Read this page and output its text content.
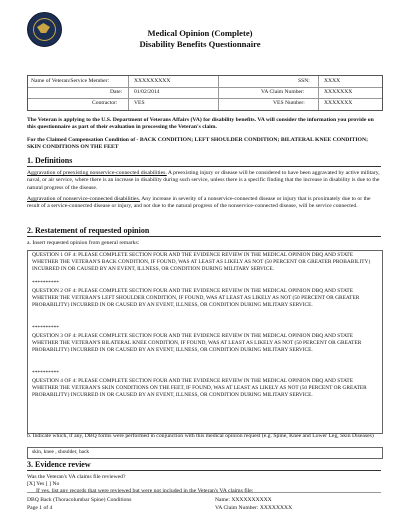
Medical Opinion (Complete)
Disability Benefits Questionnaire
Name of Veteran/Service Member:	XXXXXXXXX	SSN:	XXXX
Date: 01/02/2014	VA Claim Number:	XXXXXXX
Contractor:	VES	VES Number:	XXXXXXX
The Veteran is applying to the U.S. Department of Veterans Affairs (VA) for disability benefits. VA will consider the information you provide on this questionnaire as part of their evaluation in processing the Veteran's claim.
For the Claimed Compensation Condition of - BACK CONDITION; LEFT SHOULDER CONDITION; BILATERAL KNEE CONDITION; SKIN CONDITIONS ON THE FEET
1. Definitions
Aggravation of preexisting nonservice-connected disabilities. A preexisting injury or disease will be considered to have been aggravated by active military, naval, or air service, where there is an increase in disability during such service, unless there is a specific finding that the increase in disability is due to the natural progress of the disease.
Aggravation of nonservice-connected disabilities. Any increase in severity of a nonservice-connected disease or injury that is proximately due to or the result of a service-connected disease or injury, and not due to the natural progress of the nonservice-connected disease, will be service connected.
2. Restatement of requested opinion
a. Insert requested opinion from general remarks:
QUESTION 1 OF 4: PLEASE COMPLETE SECTION FOUR AND THE EVIDENCE REVIEW IN THE MEDICAL OPINION DBQ AND STATE WHETHER THE VETERAN'S BACK CONDITION, IF FOUND, WAS AT LEAST AS LIKELY AS NOT (50 PERCENT OR GREATER PROBABILITY) INCURRED IN OR CAUSED BY AN EVENT, ILLNESS, OR CONDITION DURING MILITARY SERVICE.
**********
QUESTION 2 OF 4: PLEASE COMPLETE SECTION FOUR AND THE EVIDENCE REVIEW IN THE MEDICAL OPINION DBQ AND STATE WHETHER THE VETERAN'S LEFT SHOULDER CONDITION, IF FOUND, WAS AT LEAST AS LIKELY AS NOT (50 PERCENT OR GREATER PROBABILITY) INCURRED IN OR CAUSED BY AN EVENT, ILLNESS, OR CONDITION DURING MILITARY SERVICE.
**********
QUESTION 3 OF 4: PLEASE COMPLETE SECTION FOUR AND THE EVIDENCE REVIEW IN THE MEDICAL OPINION DBQ AND STATE WHETHER THE VETERAN'S BILATERAL KNEE CONDITION, IF FOUND, WAS AT LEAST AS LIKELY AS NOT (50 PERCENT OR GREATER PROBABILITY) INCURRED IN OR CAUSED BY AN EVENT, ILLNESS, OR CONDITION DURING MILITARY SERVICE.
**********
QUESTION 4 OF 4: PLEASE COMPLETE SECTION FOUR AND THE EVIDENCE REVIEW IN THE MEDICAL OPINION DBQ AND STATE WHETHER THE VETERAN'S SKIN CONDITIONS ON THE FEET, IF FOUND, WAS AT LEAST AS LIKELY AS NOT (50 PERCENT OR GREATER PROBABILITY) INCURRED IN OR CAUSED BY AN EVENT, ILLNESS, OR CONDITION DURING MILITARY SERVICE.
b. Indicate which, if any, DBQ forms were performed in conjunction with this medical opinion request (e.g. Spine, Knee and Lower Leg, Skin Diseases)
skin, knee , shoulder, back
3. Evidence review
Was the Veteran's VA claims file reviewed?
[X] Yes [ ] No
If yes, list any records that were reviewed but were not included in the Veteran's VA claims file:
DBQ Back (Thoracolumbar Spine) Conditions
Page 1 of 4
Name: XXXXXXXXXX
VA Claim Number: XXXXXXXX
